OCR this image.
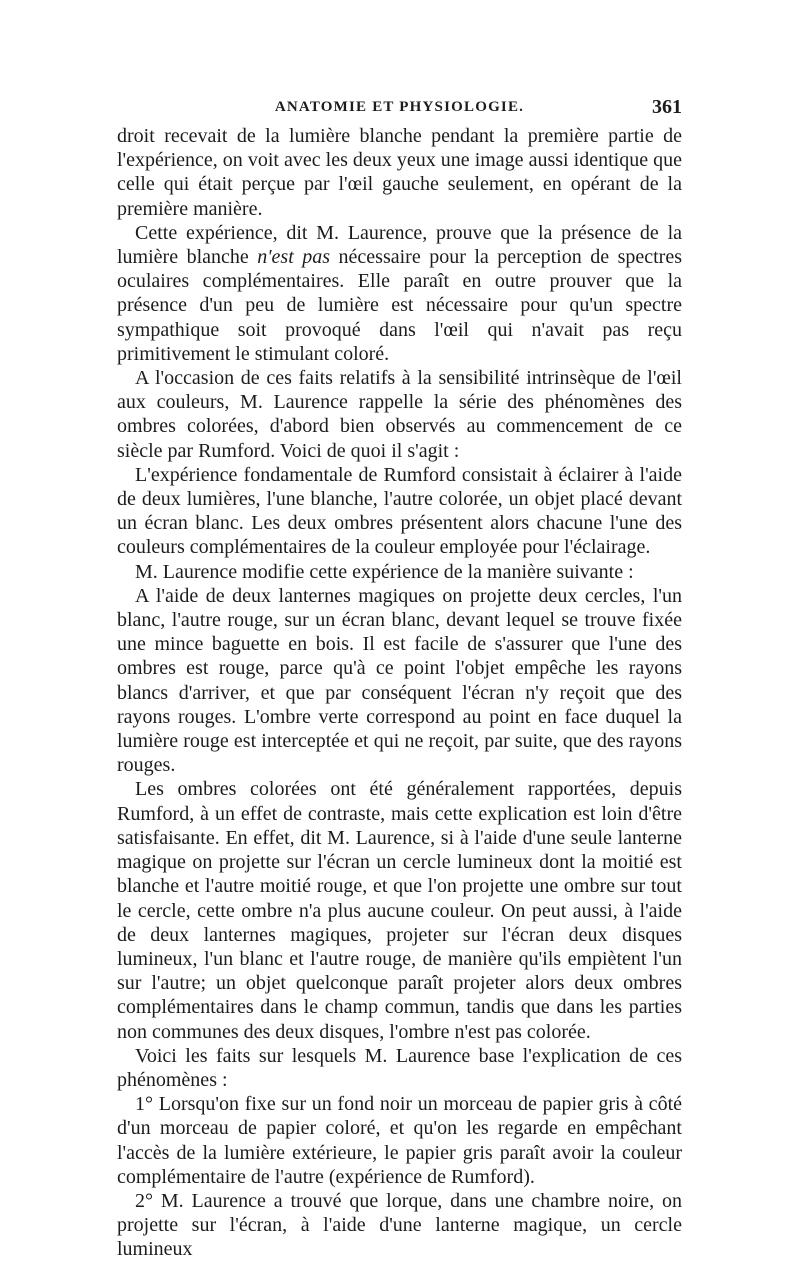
ANATOMIE ET PHYSIOLOGIE.	361

droit recevait de la lumière blanche pendant la première partie de l'expérience, on voit avec les deux yeux une image aussi identique que celle qui était perçue par l'œil gauche seulement, en opérant de la première manière.

Cette expérience, dit M. Laurence, prouve que la présence de la lumière blanche n'est pas nécessaire pour la perception de spectres oculaires complémentaires. Elle paraît en outre prouver que la présence d'un peu de lumière est nécessaire pour qu'un spectre sympathique soit provoqué dans l'œil qui n'avait pas reçu primitivement le stimulant coloré.

A l'occasion de ces faits relatifs à la sensibilité intrinsèque de l'œil aux couleurs, M. Laurence rappelle la série des phénomènes des ombres colorées, d'abord bien observés au commencement de ce siècle par Rumford. Voici de quoi il s'agit :

L'expérience fondamentale de Rumford consistait à éclairer à l'aide de deux lumières, l'une blanche, l'autre colorée, un objet placé devant un écran blanc. Les deux ombres présentent alors chacune l'une des couleurs complémentaires de la couleur employée pour l'éclairage.

M. Laurence modifie cette expérience de la manière suivante :

A l'aide de deux lanternes magiques on projette deux cercles, l'un blanc, l'autre rouge, sur un écran blanc, devant lequel se trouve fixée une mince baguette en bois. Il est facile de s'assurer que l'une des ombres est rouge, parce qu'à ce point l'objet empêche les rayons blancs d'arriver, et que par conséquent l'écran n'y reçoit que des rayons rouges. L'ombre verte correspond au point en face duquel la lumière rouge est interceptée et qui ne reçoit, par suite, que des rayons rouges.

Les ombres colorées ont été généralement rapportées, depuis Rumford, à un effet de contraste, mais cette explication est loin d'être satisfaisante. En effet, dit M. Laurence, si à l'aide d'une seule lanterne magique on projette sur l'écran un cercle lumineux dont la moitié est blanche et l'autre moitié rouge, et que l'on projette une ombre sur tout le cercle, cette ombre n'a plus aucune couleur. On peut aussi, à l'aide de deux lanternes magiques, projeter sur l'écran deux disques lumineux, l'un blanc et l'autre rouge, de manière qu'ils empiètent l'un sur l'autre; un objet quelconque paraît projeter alors deux ombres complémentaires dans le champ commun, tandis que dans les parties non communes des deux disques, l'ombre n'est pas colorée.

Voici les faits sur lesquels M. Laurence base l'explication de ces phénomènes :

1° Lorsqu'on fixe sur un fond noir un morceau de papier gris à côté d'un morceau de papier coloré, et qu'on les regarde en empêchant l'accès de la lumière extérieure, le papier gris paraît avoir la couleur complémentaire de l'autre (expérience de Rumford).

2° M. Laurence a trouvé que lorque, dans une chambre noire, on projette sur l'écran, à l'aide d'une lanterne magique, un cercle lumineux
